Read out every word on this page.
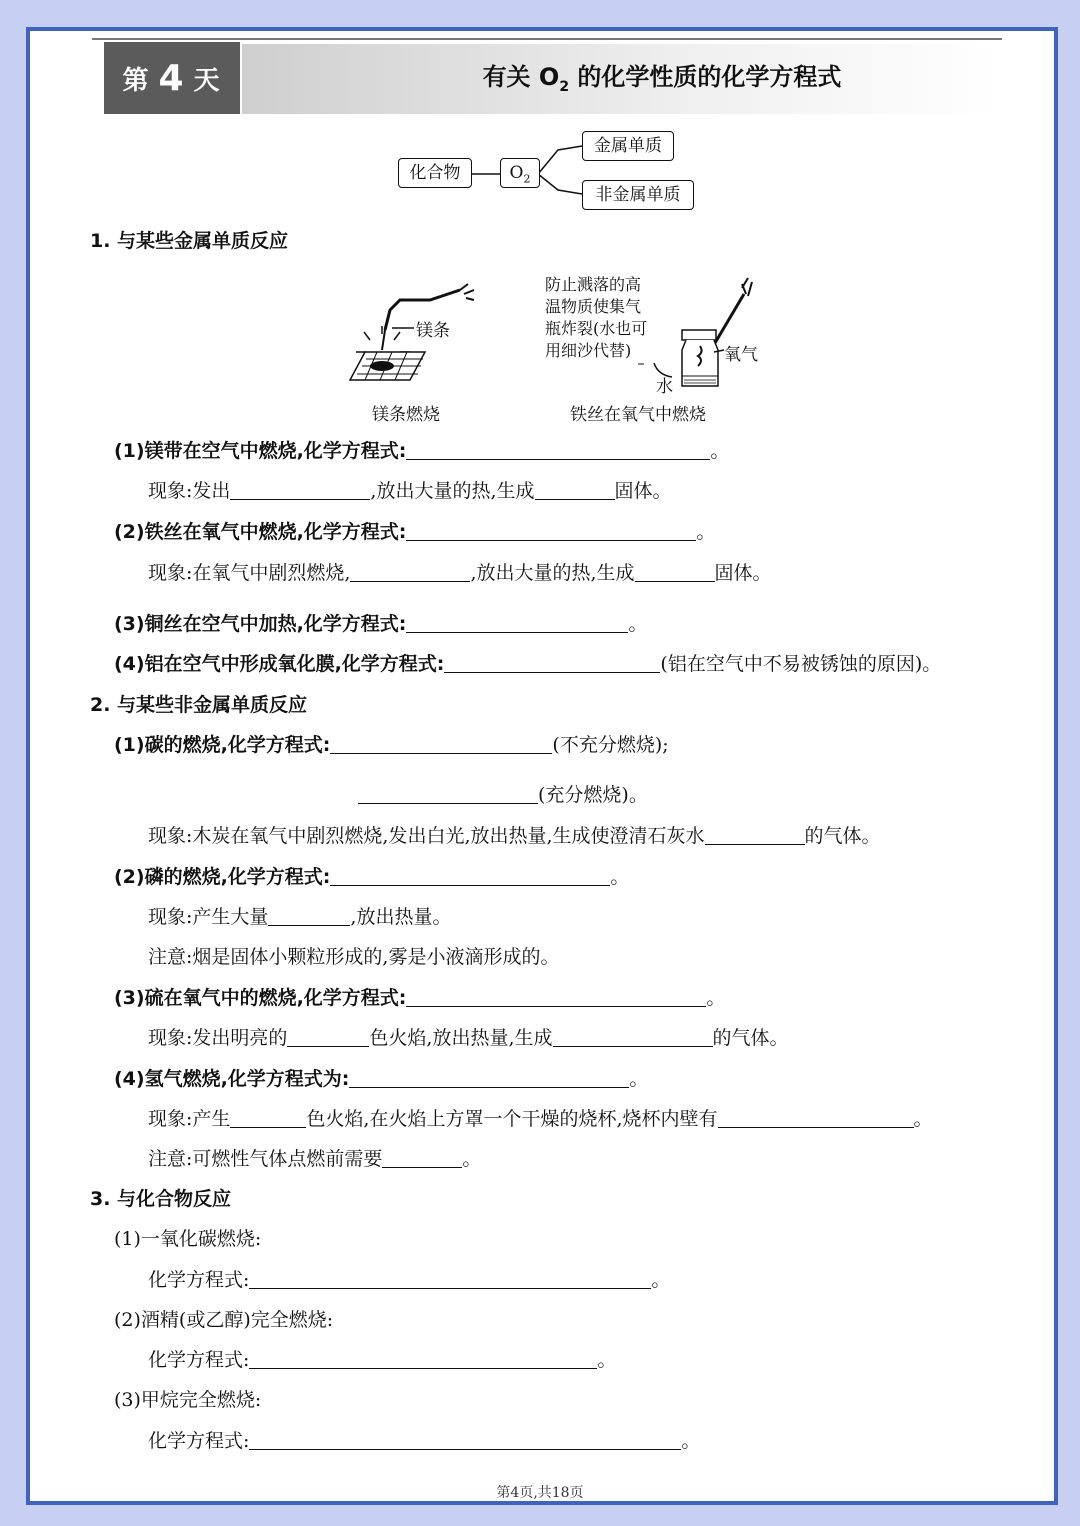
第 4 天	有关 $O_2$ 的化学性质的化学方程式
化合物	$O_2$
金属单质
非金属单质
1. 与某些金属单质反应
镁条
镁条燃烧
防止溅落的高
温物质使集气
瓶炸裂(水也可
用细沙代替)	氧气
水
铁丝在氧气中燃烧
(1)镁带在空气中燃烧,化学方程式:	。
现象:发出	,放出大量的热,生成	固体。
(2)铁丝在氧气中燃烧,化学方程式:	。
现象:在氧气中剧烈燃烧,	,放出大量的热,生成	固体。
(3)铜丝在空气中加热,化学方程式:	。
(4)铝在空气中形成氧化膜,化学方程式:	(铝在空气中不易被锈蚀的原因)。
2. 与某些非金属单质反应
(1)碳的燃烧,化学方程式:	(不充分燃烧);
(充分燃烧)。
现象:木炭在氧气中剧烈燃烧,发出白光,放出热量,生成使澄清石灰水	的气体。
(2)磷的燃烧,化学方程式:	。
现象:产生大量	,放出热量。
注意:烟是固体小颗粒形成的,雾是小液滴形成的。
(3)硫在氧气中的燃烧,化学方程式:	。
现象:发出明亮的	色火焰,放出热量,生成	的气体。
(4)氢气燃烧,化学方程式为:	。
现象:产生	色火焰,在火焰上方罩一个干燥的烧杯,烧杯内壁有	。
注意:可燃性气体点燃前需要	。
3. 与化合物反应
(1)一氧化碳燃烧:
化学方程式:	。
(2)酒精(或乙醇)完全燃烧:
化学方程式:	。
(3)甲烷完全燃烧:
化学方程式:	。
第4页,共18页
